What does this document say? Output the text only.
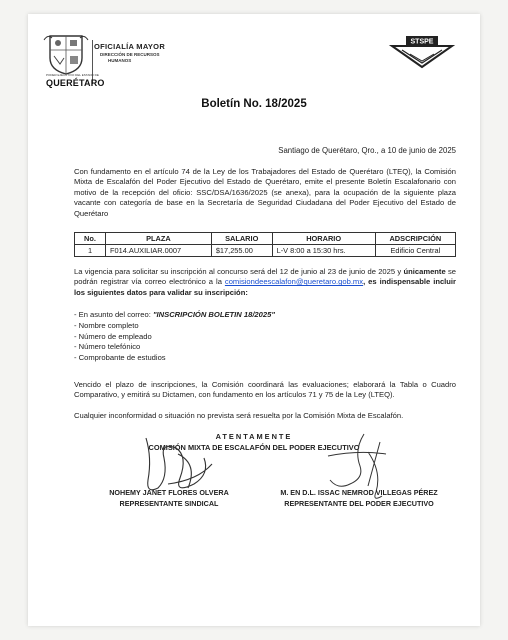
OFICIALÍA MAYOR
DIRECCIÓN DE RECURSOS
HUMANOS
PODER EJECUTIVO DEL ESTADO DE
QUERÉTARO
STSPE
Boletín No. 18/2025
Santiago de Querétaro, Qro., a 10 de junio de 2025
Con fundamento en el artículo 74 de la Ley de los Trabajadores del Estado de Querétaro (LTEQ), la Comisión Mixta de Escalafón del Poder Ejecutivo del Estado de Querétaro, emite el presente Boletín Escalafonario con motivo de la recepción del oficio: SSC/DSA/1636/2025 (se anexa), para la ocupación de la siguiente plaza vacante con categoría de base en la Secretaría de Seguridad Ciudadana del Poder Ejecutivo del Estado de Querétaro
No.	PLAZA	SALARIO	HORARIO	ADSCRIPCIÓN
1	F014.AUXILIAR.0007	$17,255.00	L-V 8:00 a 15:30 hrs.	Edificio Central
La vigencia para solicitar su inscripción al concurso será del 12 de junio al 23 de junio de 2025 y únicamente se podrán registrar vía correo electrónico a la comisiondeescalafon@queretaro.gob.mx, es indispensable incluir los siguientes datos para validar su inscripción:
- En asunto del correo: "INSCRIPCIÓN BOLETIN 18/2025"
- Nombre completo
- Número de empleado
- Número telefónico
- Comprobante de estudios
Vencido el plazo de inscripciones, la Comisión coordinará las evaluaciones; elaborará la Tabla o Cuadro Comparativo, y emitirá su Dictamen, con fundamento en los artículos 71 y 75 de la Ley (LTEQ).
Cualquier inconformidad o situación no prevista será resuelta por la Comisión Mixta de Escalafón.
ATENTAMENTE
COMISIÓN MIXTA DE ESCALAFÓN DEL PODER EJECUTIVO
NOHEMY JANET FLORES OLVERA
REPRESENTANTE SINDICAL
M. EN D.L. ISSAC NEMROD VILLEGAS PÉREZ
REPRESENTANTE DEL PODER EJECUTIVO
